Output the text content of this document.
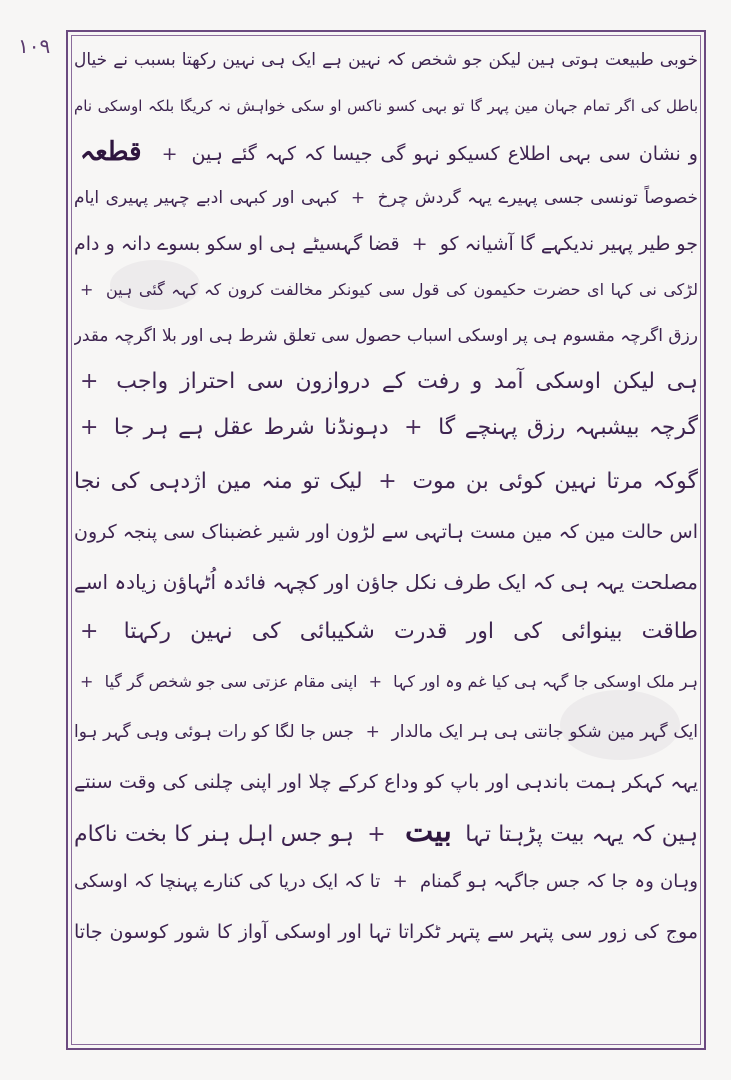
١٠٩
خوبی طبیعت ہوتی ہین لیکن جو شخص کہ نہین ہے ایک ہی نہین رکھتا بسبب نے خیال
باطل کی اگر تمام جہان مین پہر گا تو بہی کسو ناکس او سکی خواہش نہ کریگا بلکہ اوسکی نام
و نشان سی بہی اطلاع کسیکو نہو گی جیسا کہ کہہ گئے ہین + قطعہ
خصوصاً تونسی جسی پہیرے یہہ گردش چرخ + کبہی اور کبہی ادبے چہیر پہیری ایام
جو طیر پہیر ندیکہے گا آشیانہ کو + قضا گہسیٹے ہی او سکو بسوے دانہ و دام
لڑکی نی کہا ای حضرت حکیمون کی قول سی کیونکر مخالفت کرون کہ کہہ گئی ہین +
رزق اگرچہ مقسوم ہی پر اوسکی اسباب حصول سی تعلق شرط ہی اور بلا اگرچہ مقدر
ہی لیکن اوسکی آمد و رفت کے دروازون سی احتراز واجب +
گرچہ بیشبہہ رزق پہنچے گا + دہونڈنا شرط عقل ہے ہر جا +
گوکہ مرتا نہین کوئی بن موت + لیک تو منہ مین اژدہی کی نجا
اس حالت مین کہ مین مست ہاتہی سے لڑون اور شیر غضبناک سی پنجہ کرون
مصلحت یہہ ہی کہ ایک طرف نکل جاؤن اور کچہہ فائدہ اُٹہاؤن زیادہ اسے
طاقت بینوائی کی اور قدرت شکیبائی کی نہین رکہتا +
ہر ملک اوسکی جا گہہ ہی کیا غم وہ اور کہا + اپنی مقام عزتی سی جو شخص گر گیا +
ایک گہر مین شکو جانتی ہی ہر ایک مالدار + جس جا لگا کو رات ہوئی وہی گہر ہوا
یہہ کہکر ہمت باندہی اور باپ کو وداع کرکے چلا اور اپنی چلنی کی وقت سنتے
ہین کہ یہہ بیت پڑہتا تہا بیت + ہو جس اہل ہنر کا بخت ناکام
وہان وہ جا کہ جس جاگہہ ہو گمنام + تا کہ ایک دریا کی کنارے پہنچا کہ اوسکی
موج کی زور سی پتہر سے پتہر ٹکراتا تہا اور اوسکی آواز کا شور کوسون جاتا
